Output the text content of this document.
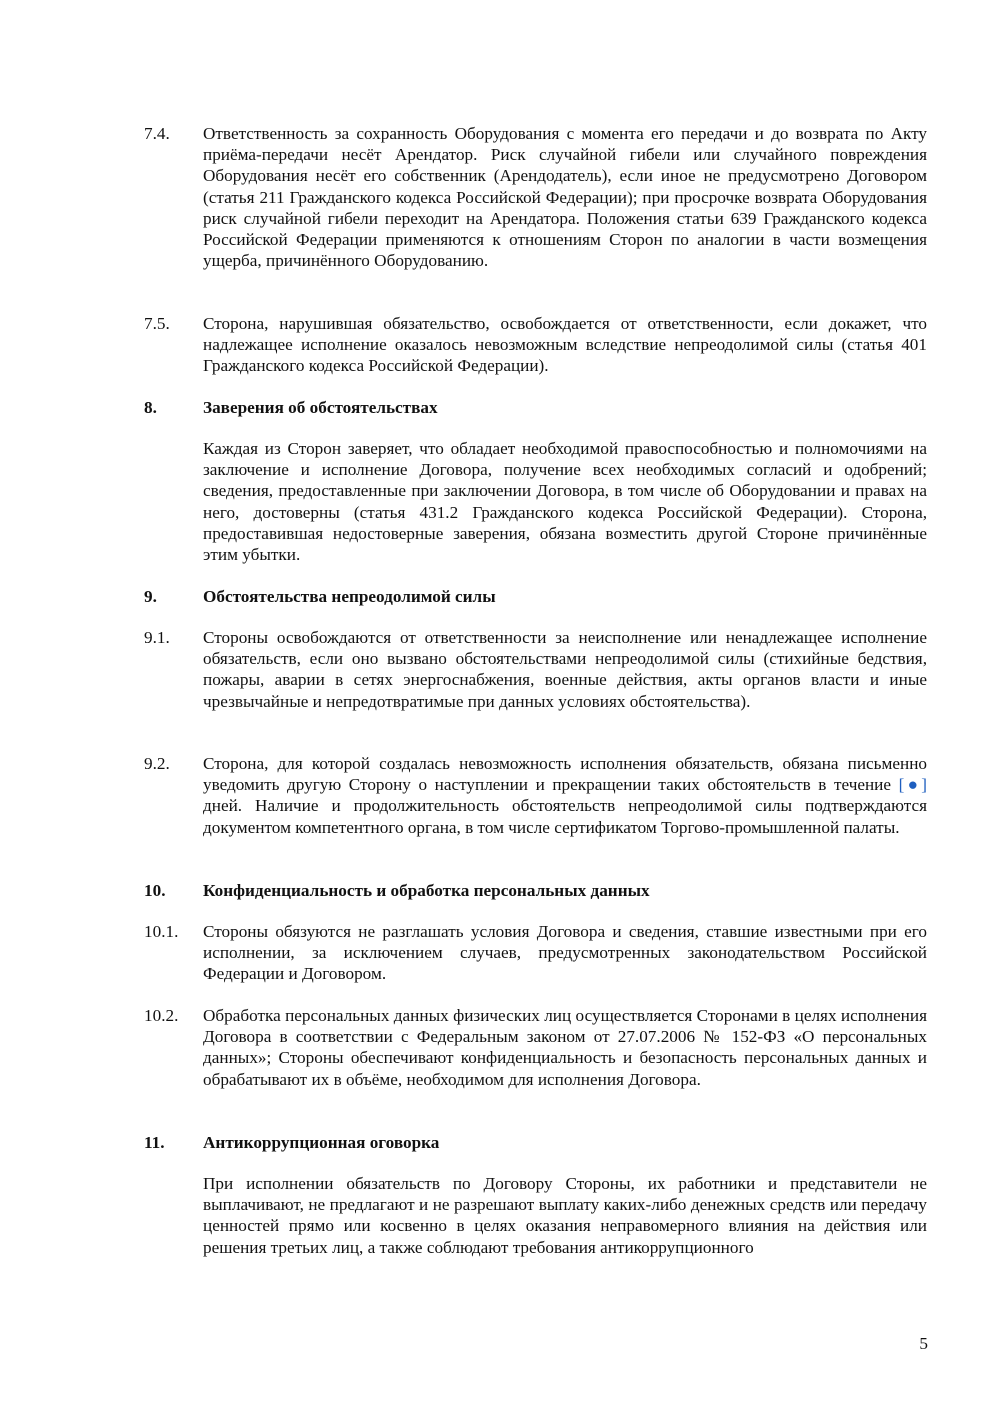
7.4.	Ответственность за сохранность Оборудования с момента его передачи и до возврата по Акту приёма-передачи несёт Арендатор. Риск случайной гибели или случайного повреждения Оборудования несёт его собственник (Арендодатель), если иное не предусмотрено Договором (статья 211 Гражданского кодекса Российской Федерации); при просрочке возврата Оборудования риск случайной гибели переходит на Арендатора. Положения статьи 639 Гражданского кодекса Российской Федерации применяются к отношениям Сторон по аналогии в части возмещения ущерба, причинённого Оборудованию.
7.5.	Сторона, нарушившая обязательство, освобождается от ответственности, если докажет, что надлежащее исполнение оказалось невозможным вследствие непреодолимой силы (статья 401 Гражданского кодекса Российской Федерации).
8.	Заверения об обстоятельствах
Каждая из Сторон заверяет, что обладает необходимой правоспособностью и полномочиями на заключение и исполнение Договора, получение всех необходимых согласий и одобрений; сведения, предоставленные при заключении Договора, в том числе об Оборудовании и правах на него, достоверны (статья 431.2 Гражданского кодекса Российской Федерации). Сторона, предоставившая недостоверные заверения, обязана возместить другой Стороне причинённые этим убытки.
9.	Обстоятельства непреодолимой силы
9.1.	Стороны освобождаются от ответственности за неисполнение или ненадлежащее исполнение обязательств, если оно вызвано обстоятельствами непреодолимой силы (стихийные бедствия, пожары, аварии в сетях энергоснабжения, военные действия, акты органов власти и иные чрезвычайные и непредотвратимые при данных условиях обстоятельства).
9.2.	Сторона, для которой создалась невозможность исполнения обязательств, обязана письменно уведомить другую Сторону о наступлении и прекращении таких обстоятельств в течение [●] дней. Наличие и продолжительность обстоятельств непреодолимой силы подтверждаются документом компетентного органа, в том числе сертификатом Торгово-промышленной палаты.
10.	Конфиденциальность и обработка персональных данных
10.1.	Стороны обязуются не разглашать условия Договора и сведения, ставшие известными при его исполнении, за исключением случаев, предусмотренных законодательством Российской Федерации и Договором.
10.2.	Обработка персональных данных физических лиц осуществляется Сторонами в целях исполнения Договора в соответствии с Федеральным законом от 27.07.2006 № 152-ФЗ «О персональных данных»; Стороны обеспечивают конфиденциальность и безопасность персональных данных и обрабатывают их в объёме, необходимом для исполнения Договора.
11.	Антикоррупционная оговорка
При исполнении обязательств по Договору Стороны, их работники и представители не выплачивают, не предлагают и не разрешают выплату каких-либо денежных средств или передачу ценностей прямо или косвенно в целях оказания неправомерного влияния на действия или решения третьих лиц, а также соблюдают требования антикоррупционного
5
